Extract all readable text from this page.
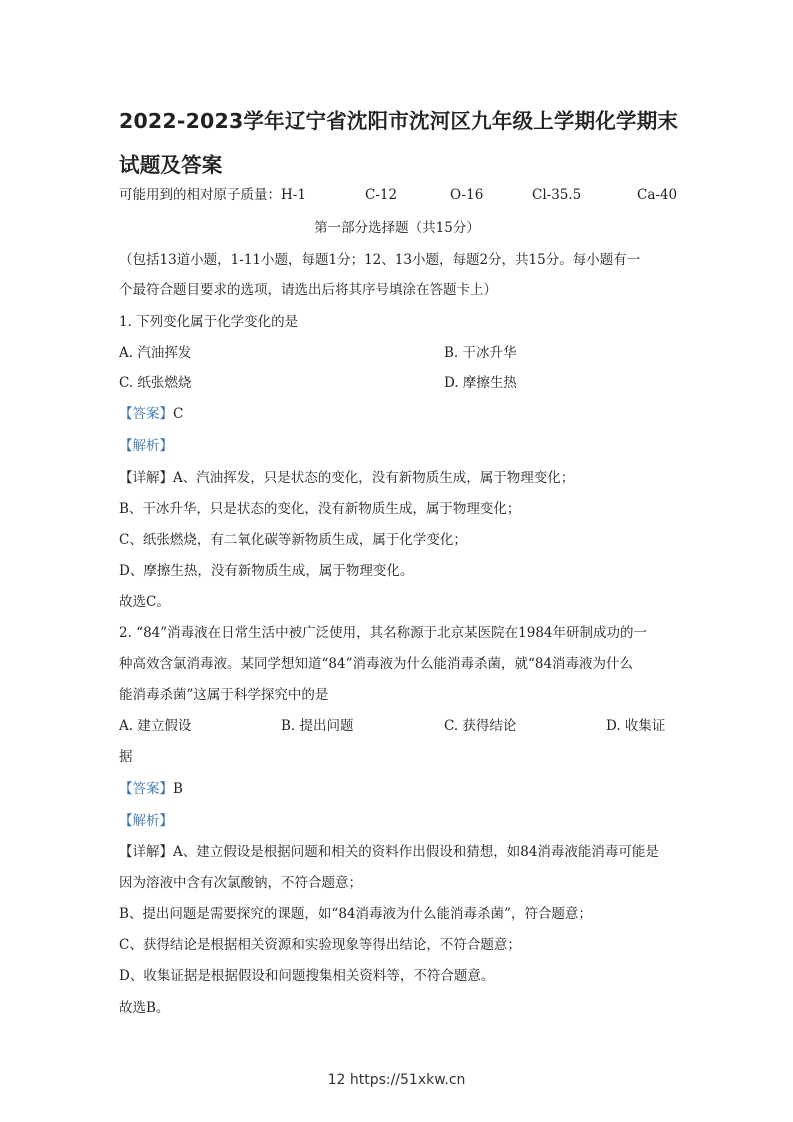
2022-2023学年辽宁省沈阳市沈河区九年级上学期化学期末
试题及答案
可能用到的相对原子质量：H-1	C-12	O-16	Cl-35.5	Ca-40
第一部分选择题（共15分）
（包括13道小题，1-11小题，每题1分；12、13小题，每题2分，共15分。每小题有一
个最符合题目要求的选项，请选出后将其序号填涂在答题卡上）
1. 下列变化属于化学变化的是
A. 汽油挥发	B. 干冰升华
C. 纸张燃烧	D. 摩擦生热
【答案】C
【解析】
【详解】A、汽油挥发，只是状态的变化，没有新物质生成，属于物理变化；
B、干冰升华，只是状态的变化，没有新物质生成，属于物理变化；
C、纸张燃烧，有二氧化碳等新物质生成，属于化学变化；
D、摩擦生热，没有新物质生成，属于物理变化。
故选C。
2. “84”消毒液在日常生活中被广泛使用，其名称源于北京某医院在1984年研制成功的一
种高效含氯消毒液。某同学想知道“84”消毒液为什么能消毒杀菌，就“84消毒液为什么
能消毒杀菌”这属于科学探究中的是
A. 建立假设	B. 提出问题	C. 获得结论	D. 收集证
据
【答案】B
【解析】
【详解】A、建立假设是根据问题和相关的资料作出假设和猜想，如84消毒液能消毒可能是
因为溶液中含有次氯酸钠，不符合题意；
B、提出问题是需要探究的课题，如“84消毒液为什么能消毒杀菌”，符合题意；
C、获得结论是根据相关资源和实验现象等得出结论，不符合题意；
D、收集证据是根据假设和问题搜集相关资料等，不符合题意。
故选B。
12 https://51xkw.cn
